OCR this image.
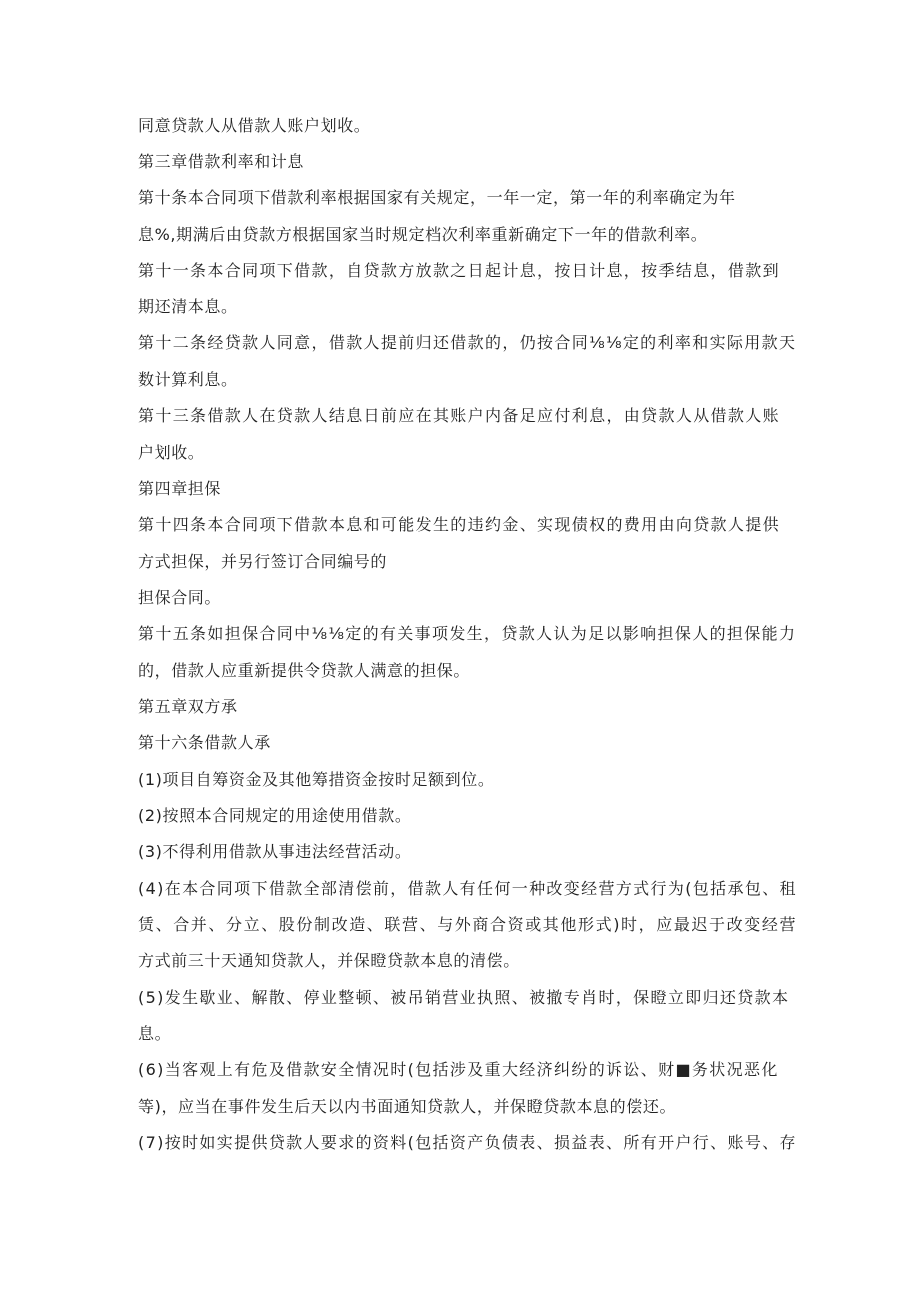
同意贷款人从借款人账户划收。
第三章借款利率和计息
第十条本合同项下借款利率根据国家有关规定，一年一定，第一年的利率确定为年
息%,期满后由贷款方根据国家当时规定档次利率重新确定下一年的借款利率。
第十一条本合同项下借款，自贷款方放款之日起计息，按日计息，按季结息，借款到
期还清本息。
第十二条经贷款人同意，借款人提前归还借款的，仍按合同⅛⅛定的利率和实际用款天
数计算利息。
第十三条借款人在贷款人结息日前应在其账户内备足应付利息，由贷款人从借款人账
户划收。
第四章担保
第十四条本合同项下借款本息和可能发生的违约金、实现债权的费用由向贷款人提供
方式担保，并另行签订合同编号的
担保合同。
第十五条如担保合同中⅛⅛定的有关事项发生，贷款人认为足以影响担保人的担保能力
的，借款人应重新提供令贷款人满意的担保。
第五章双方承
第十六条借款人承
(1)项目自筹资金及其他筹措资金按时足额到位。
(2)按照本合同规定的用途使用借款。
(3)不得利用借款从事违法经营活动。
(4)在本合同项下借款全部清偿前，借款人有任何一种改变经营方式行为(包括承包、租
赁、合并、分立、股份制改造、联营、与外商合资或其他形式)时，应最迟于改变经营
方式前三十天通知贷款人，并保瞪贷款本息的清偿。
(5)发生歇业、解散、停业整顿、被吊销营业执照、被撤专肖时，保瞪立即归还贷款本
息。
(6)当客观上有危及借款安全情况时(包括涉及重大经济纠纷的诉讼、财■务状况恶化
等)，应当在事件发生后天以内书面通知贷款人，并保瞪贷款本息的偿还。
(7)按时如实提供贷款人要求的资料(包括资产负债表、损益表、所有开户行、账号、存
